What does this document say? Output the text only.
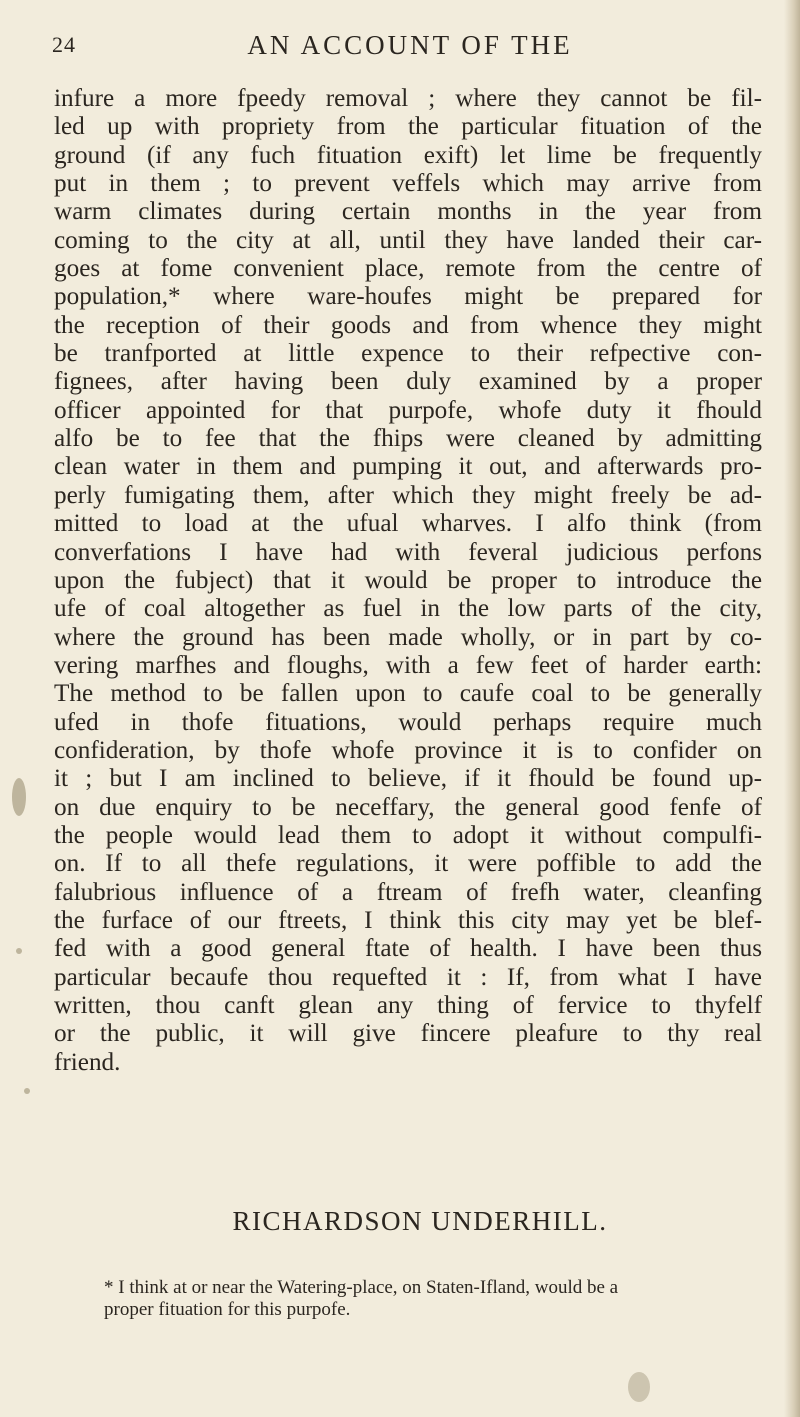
24	AN ACCOUNT OF THE
infure a more fpeedy removal ; where they cannot be fil-
led up with propriety from the particular fituation of the
ground (if any fuch fituation exift) let lime be frequently
put in them ; to prevent veffels which may arrive from
warm climates during certain months in the year from
coming to the city at all, until they have landed their car-
goes at fome convenient place, remote from the centre of
population,* where ware-houfes might be prepared for
the reception of their goods and from whence they might
be tranfported at little expence to their refpective con-
fignees, after having been duly examined by a proper
officer appointed for that purpofe, whofe duty it fhould
alfo be to fee that the fhips were cleaned by admitting
clean water in them and pumping it out, and afterwards pro-
perly fumigating them, after which they might freely be ad-
mitted to load at the ufual wharves. I alfo think (from
converfations I have had with feveral judicious perfons
upon the fubject) that it would be proper to introduce the
ufe of coal altogether as fuel in the low parts of the city,
where the ground has been made wholly, or in part by co-
vering marfhes and floughs, with a few feet of harder earth:
The method to be fallen upon to caufe coal to be generally
ufed in thofe fituations, would perhaps require much
confideration, by thofe whofe province it is to confider on
it ; but I am inclined to believe, if it fhould be found up-
on due enquiry to be neceffary, the general good fenfe of
the people would lead them to adopt it without compulfi-
on. If to all thefe regulations, it were poffible to add the
falubrious influence of a ftream of frefh water, cleanfing
the furface of our ftreets, I think this city may yet be blef-
fed with a good general ftate of health. I have been thus
particular becaufe thou requefted it : If, from what I have
written, thou canft glean any thing of fervice to thyfelf
or the public, it will give fincere pleafure to thy real
friend.
RICHARDSON UNDERHILL.
* I think at or near the Watering-place, on Staten-Ifland, would be a
proper fituation for this purpofe.
